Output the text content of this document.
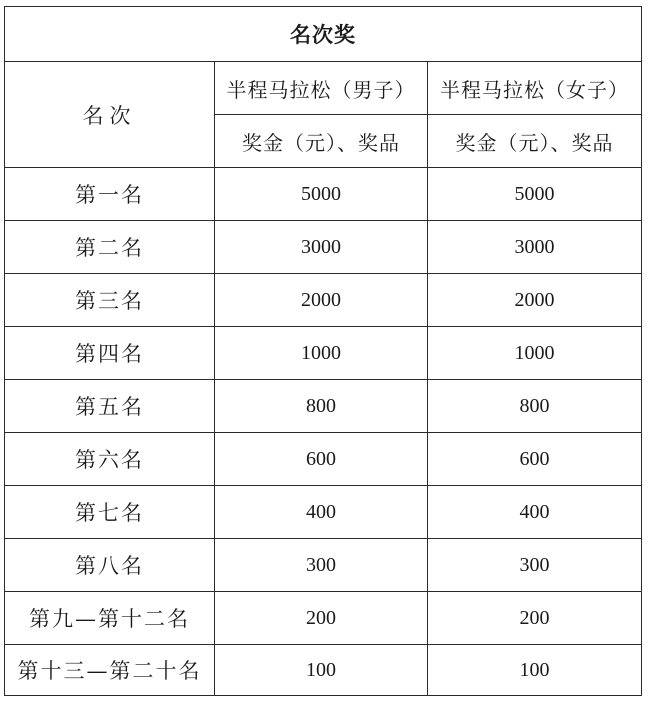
名次奖		
名次	半程马拉松（男子）	半程马拉松（女子）
	奖金（元）、奖品	奖金（元）、奖品
第一名	5000	5000
第二名	3000	3000
第三名	2000	2000
第四名	1000	1000
第五名	800	800
第六名	600	600
第七名	400	400
第八名	300	300
第九—第十二名	200	200
第十三—第二十名	100	100
